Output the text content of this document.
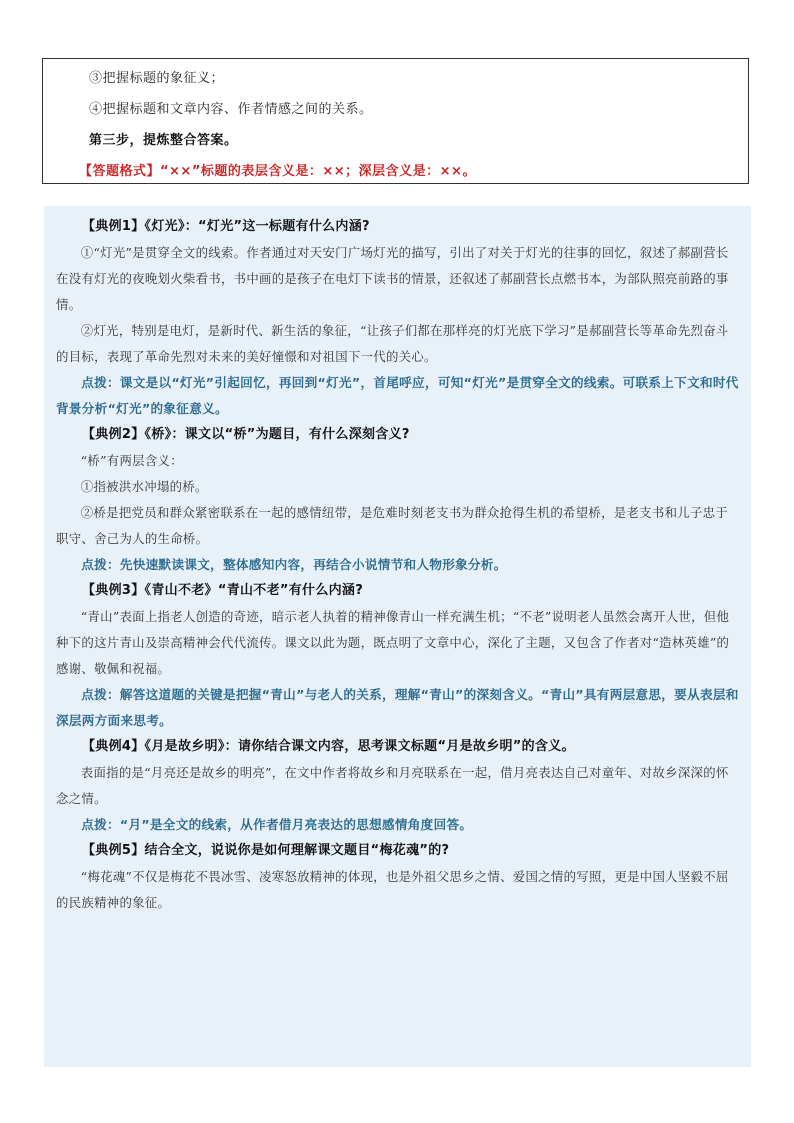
③把握标题的象征义；

④把握标题和文章内容、作者情感之间的关系。

第三步，提炼整合答案。

【答题格式】“××”标题的表层含义是：××；深层含义是：××。

【典例1】《灯光》：“灯光”这一标题有什么内涵?

①“灯光”是贯穿全文的线索。作者通过对天安门广场灯光的描写，引出了对关于灯光的往事的回忆，叙述了郝副营长在没有灯光的夜晚划火柴看书，书中画的是孩子在电灯下读书的情景，还叙述了郝副营长点燃书本，为部队照亮前路的事情。

②灯光，特别是电灯，是新时代、新生活的象征，“让孩子们都在那样亮的灯光底下学习”是郝副营长等革命先烈奋斗的目标，表现了革命先烈对未来的美好憧憬和对祖国下一代的关心。

点拨：课文是以“灯光”引起回忆，再回到“灯光”，首尾呼应，可知“灯光”是贯穿全文的线索。可联系上下文和时代背景分析“灯光”的象征意义。

【典例2】《桥》：课文以“桥”为题目，有什么深刻含义?

“桥”有两层含义：

①指被洪水冲塌的桥。

②桥是把党员和群众紧密联系在一起的感情纽带，是危难时刻老支书为群众抢得生机的希望桥，是老支书和儿子忠于职守、舍己为人的生命桥。

点拨：先快速默读课文，整体感知内容，再结合小说情节和人物形象分析。

【典例3】《青山不老》“青山不老”有什么内涵?

“青山”表面上指老人创造的奇迹，暗示老人执着的精神像青山一样充满生机；“不老”说明老人虽然会离开人世，但他种下的这片青山及崇高精神会代代流传。课文以此为题，既点明了文章中心，深化了主题，又包含了作者对“造林英雄”的感谢、敬佩和祝福。

点拨：解答这道题的关键是把握“青山”与老人的关系，理解“青山”的深刻含义。“青山”具有两层意思，要从表层和深层两方面来思考。

【典例4】《月是故乡明》：请你结合课文内容，思考课文标题“月是故乡明”的含义。

表面指的是“月亮还是故乡的明亮”，在文中作者将故乡和月亮联系在一起，借月亮表达自己对童年、对故乡深深的怀念之情。

点拨：“月”是全文的线索，从作者借月亮表达的思想感情角度回答。

【典例5】结合全文，说说你是如何理解课文题目“梅花魂”的?

“梅花魂”不仅是梅花不畏冰雪、凌寒怒放精神的体现，也是外祖父思乡之情、爱国之情的写照，更是中国人坚毅不屈的民族精神的象征。
